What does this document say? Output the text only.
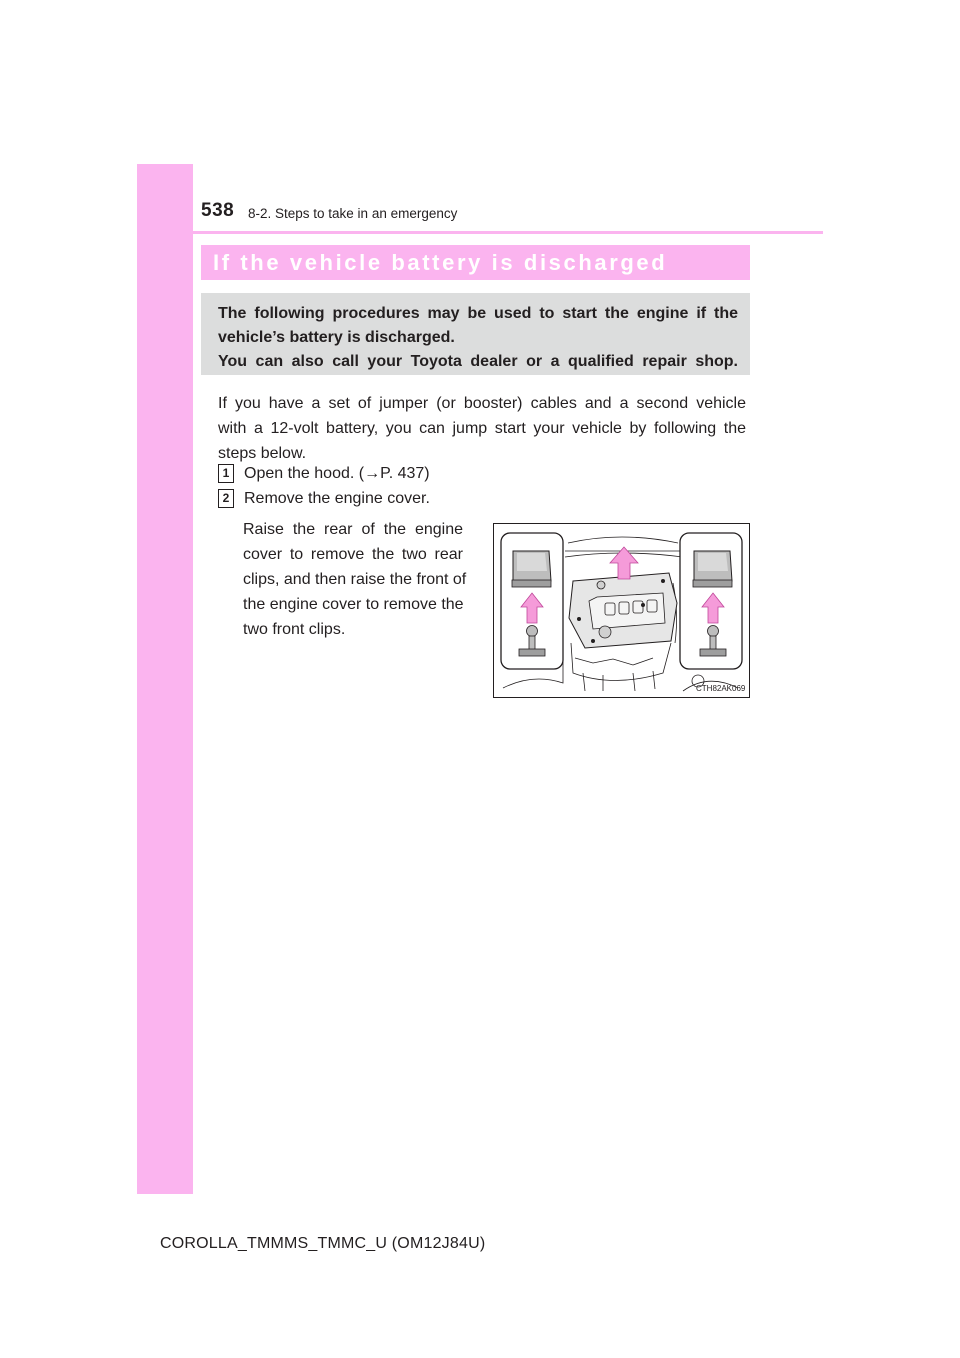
538 8-2. Steps to take in an emergency
If the vehicle battery is discharged
The following procedures may be used to start the engine if the
vehicle’s battery is discharged.
You can also call your Toyota dealer or a qualified repair shop.
If you have a set of jumper (or booster) cables and a second vehicle
with a 12-volt battery, you can jump start your vehicle by following the
steps below.
1 Open the hood. (→P. 437)
2 Remove the engine cover.
Raise the rear of the engine
cover to remove the two rear
clips, and then raise the front of
the engine cover to remove the
two front clips.
CTH82AK069
COROLLA_TMMMS_TMMC_U (OM12J84U)
